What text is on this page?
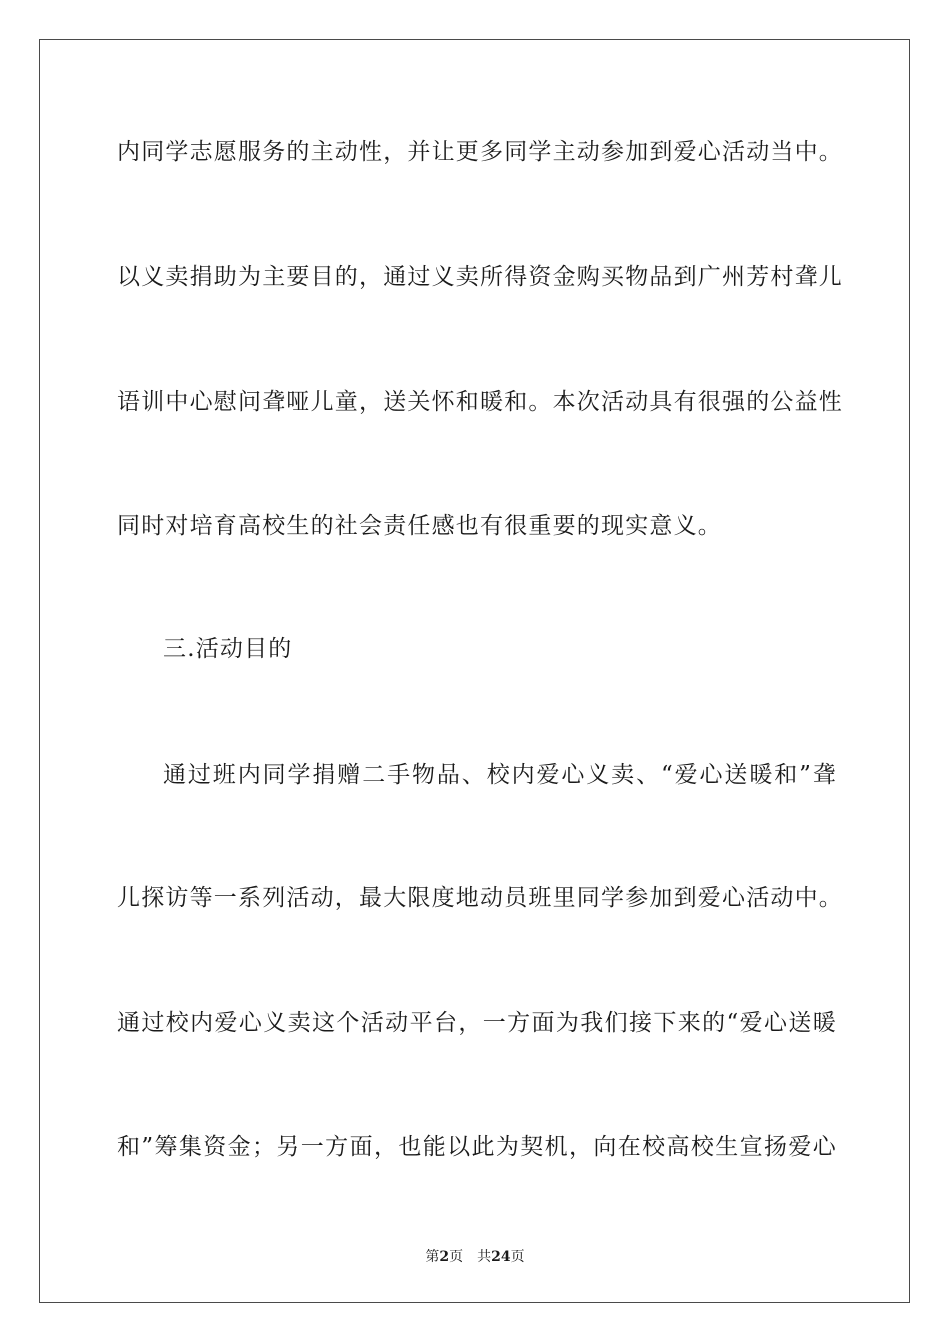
内同学志愿服务的主动性，并让更多同学主动参加到爱心活动当中。
以义卖捐助为主要目的，通过义卖所得资金购买物品到广州芳村聋儿
语训中心慰问聋哑儿童，送关怀和暖和。本次活动具有很强的公益性
同时对培育高校生的社会责任感也有很重要的现实意义。
三.活动目的
通过班内同学捐赠二手物品、校内爱心义卖、“爱心送暖和”聋
儿探访等一系列活动，最大限度地动员班里同学参加到爱心活动中。
通过校内爱心义卖这个活动平台，一方面为我们接下来的“爱心送暖
和”筹集资金；另一方面，也能以此为契机，向在校高校生宣扬爱心
第2页 共24页
